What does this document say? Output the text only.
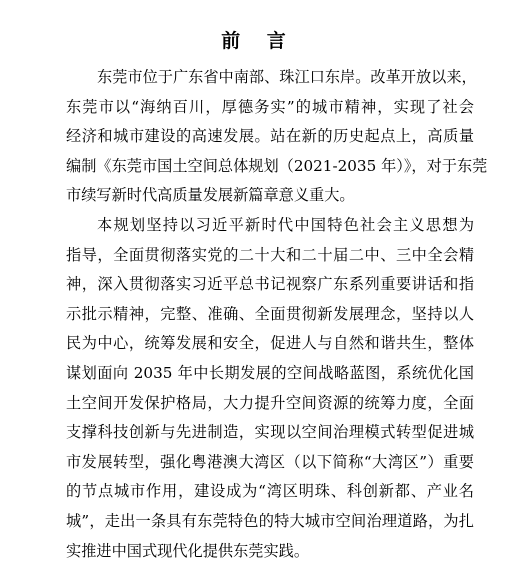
前 言
东莞市位于广东省中南部、珠江口东岸。改革开放以来，
东莞市以“海纳百川，厚德务实”的城市精神，实现了社会
经济和城市建设的高速发展。站在新的历史起点上，高质量
编制《东莞市国土空间总体规划（2021-2035 年）》，对于东莞
市续写新时代高质量发展新篇章意义重大。
本规划坚持以习近平新时代中国特色社会主义思想为
指导，全面贯彻落实党的二十大和二十届二中、三中全会精
神，深入贯彻落实习近平总书记视察广东系列重要讲话和指
示批示精神，完整、准确、全面贯彻新发展理念，坚持以人
民为中心，统筹发展和安全，促进人与自然和谐共生，整体
谋划面向 2035 年中长期发展的空间战略蓝图，系统优化国
土空间开发保护格局，大力提升空间资源的统筹力度，全面
支撑科技创新与先进制造，实现以空间治理模式转型促进城
市发展转型，强化粤港澳大湾区（以下简称“大湾区”）重要
的节点城市作用，建设成为“湾区明珠、科创新都、产业名
城”，走出一条具有东莞特色的特大城市空间治理道路，为扎
实推进中国式现代化提供东莞实践。
